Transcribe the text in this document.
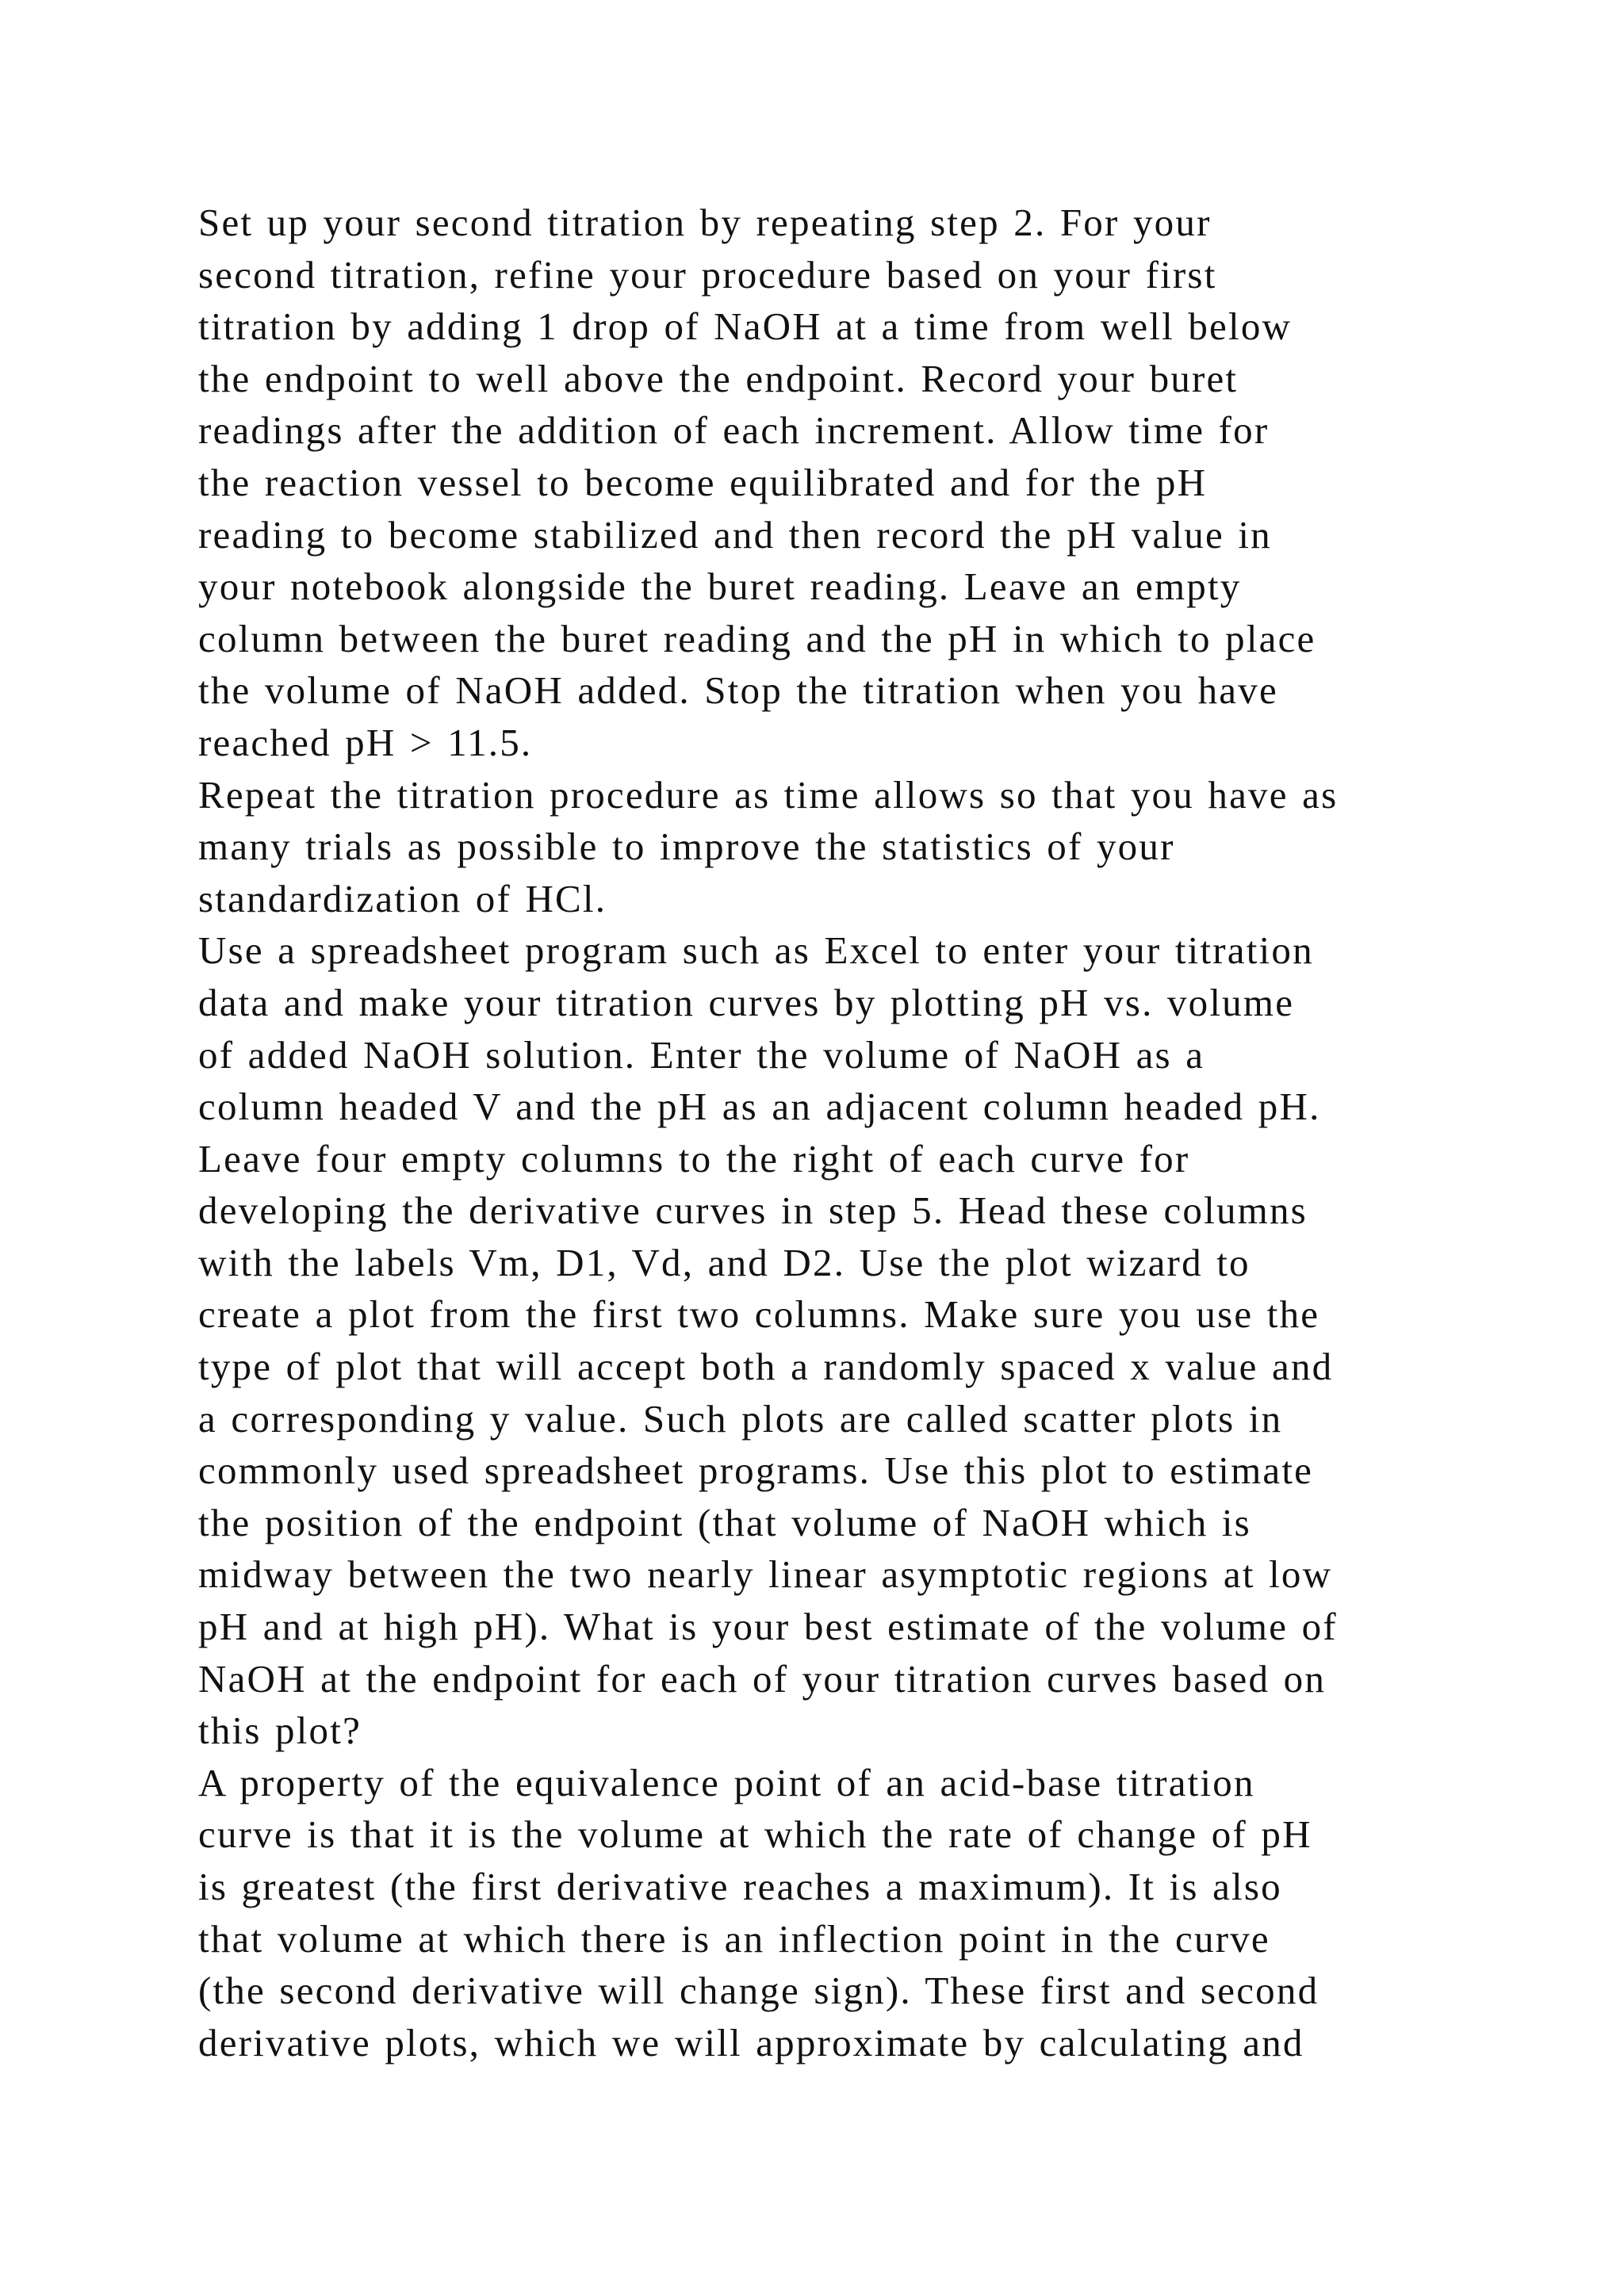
Set up your second titration by repeating step 2. For your
second titration, refine your procedure based on your first
titration by adding 1 drop of NaOH at a time from well below
the endpoint to well above the endpoint. Record your buret
readings after the addition of each increment. Allow time for
the reaction vessel to become equilibrated and for the pH
reading to become stabilized and then record the pH value in
your notebook alongside the buret reading. Leave an empty
column between the buret reading and the pH in which to place
the volume of NaOH added. Stop the titration when you have
reached pH > 11.5.
Repeat the titration procedure as time allows so that you have as
many trials as possible to improve the statistics of your
standardization of HCl.
Use a spreadsheet program such as Excel to enter your titration
data and make your titration curves by plotting pH vs. volume
of added NaOH solution. Enter the volume of NaOH as a
column headed V and the pH as an adjacent column headed pH.
Leave four empty columns to the right of each curve for
developing the derivative curves in step 5. Head these columns
with the labels Vm, D1, Vd, and D2. Use the plot wizard to
create a plot from the first two columns. Make sure you use the
type of plot that will accept both a randomly spaced x value and
a corresponding y value. Such plots are called scatter plots in
commonly used spreadsheet programs. Use this plot to estimate
the position of the endpoint (that volume of NaOH which is
midway between the two nearly linear asymptotic regions at low
pH and at high pH). What is your best estimate of the volume of
NaOH at the endpoint for each of your titration curves based on
this plot?
A property of the equivalence point of an acid-base titration
curve is that it is the volume at which the rate of change of pH
is greatest (the first derivative reaches a maximum). It is also
that volume at which there is an inflection point in the curve
(the second derivative will change sign). These first and second
derivative plots, which we will approximate by calculating and
